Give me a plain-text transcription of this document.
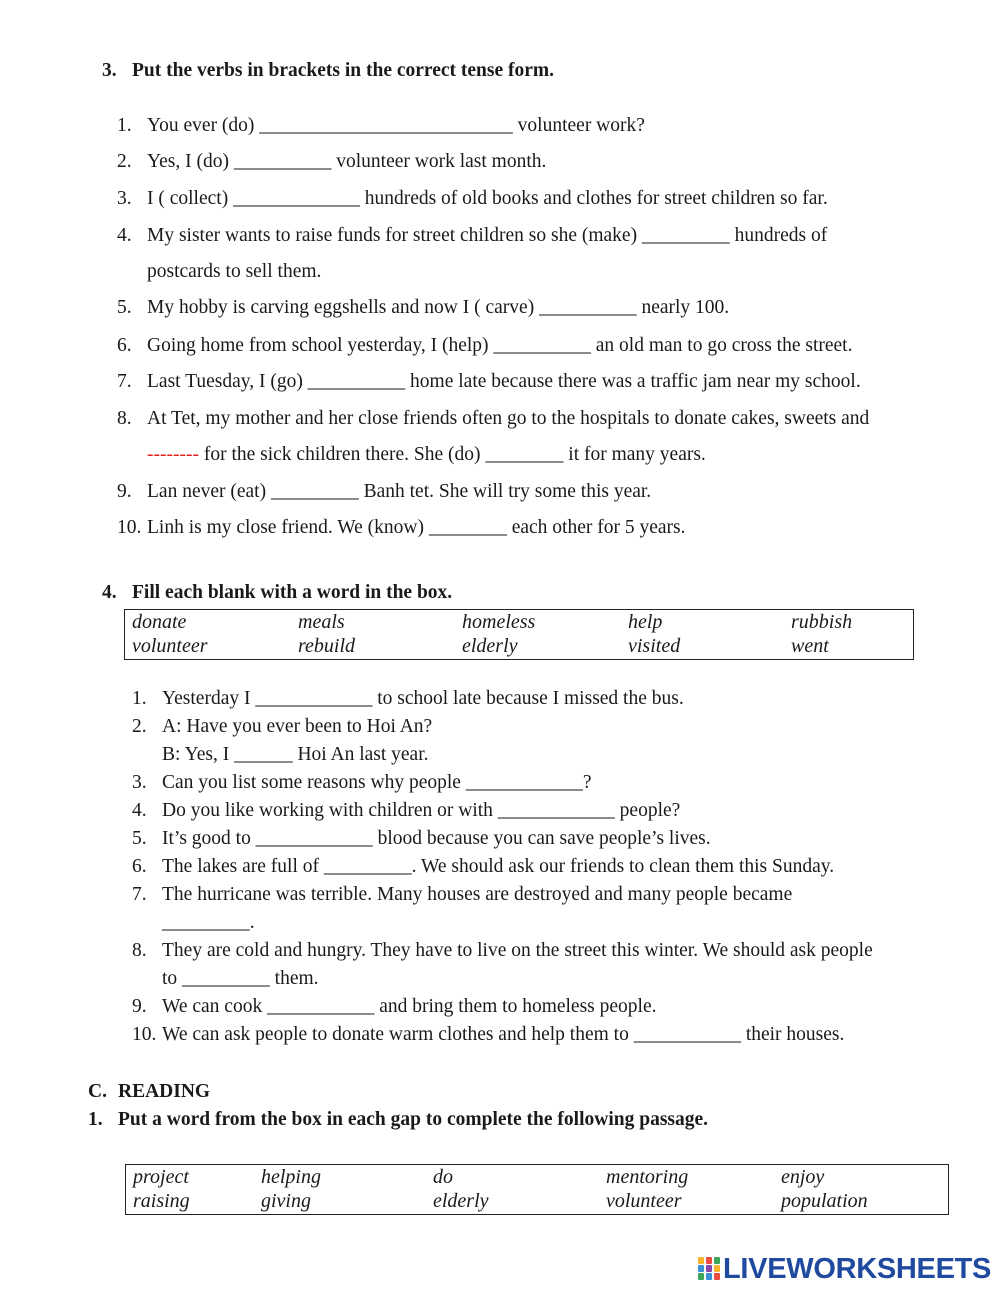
3. Put the verbs in brackets in the correct tense form.
1. You ever (do) __________________________ volunteer work?
2. Yes, I (do) __________ volunteer work last month.
3. I ( collect) _____________ hundreds of old books and clothes for street children so far.
4. My sister wants to raise funds for street children so she (make) _________ hundreds of
postcards to sell them.
5. My hobby is carving eggshells and now I ( carve) __________ nearly 100.
6. Going home from school yesterday, I (help) __________ an old man to go cross the street.
7. Last Tuesday, I (go) __________ home late because there was a traffic jam near my school.
8. At Tet, my mother and her close friends often go to the hospitals to donate cakes, sweets and
-------- for the sick children there. She (do) ________ it for many years.
9. Lan never (eat) _________ Banh tet. She will try some this year.
10. Linh is my close friend. We (know) ________ each other for 5 years.
4. Fill each blank with a word in the box.
donate	meals	homeless	help	rubbish
volunteer	rebuild	elderly	visited	went
1. Yesterday I ____________ to school late because I missed the bus.
2. A: Have you ever been to Hoi An?
B: Yes, I ______ Hoi An last year.
3. Can you list some reasons why people ____________?
4. Do you like working with children or with ____________ people?
5. It’s good to ____________ blood because you can save people’s lives.
6. The lakes are full of _________. We should ask our friends to clean them this Sunday.
7. The hurricane was terrible. Many houses are destroyed and many people became
_________.
8. They are cold and hungry. They have to live on the street this winter. We should ask people
to _________ them.
9. We can cook ___________ and bring them to homeless people.
10. We can ask people to donate warm clothes and help them to ___________ their houses.
C. READING
1. Put a word from the box in each gap to complete the following passage.
project	helping	do	mentoring	enjoy
raising	giving	elderly	volunteer	population
LIVEWORKSHEETS
